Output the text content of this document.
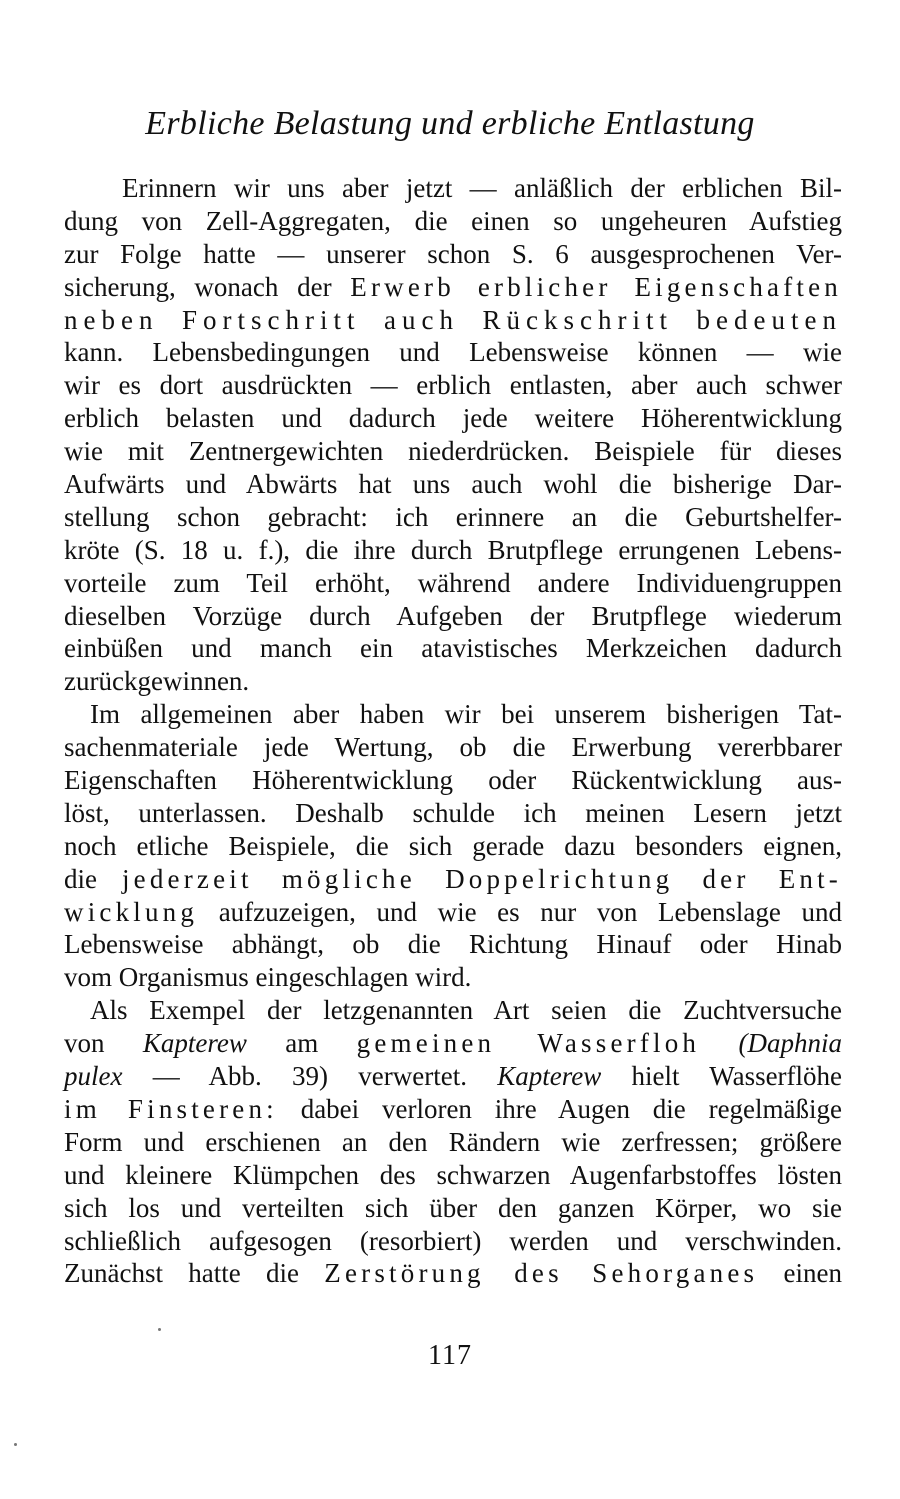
Erbliche Belastung und erbliche Entlastung
Erinnern wir uns aber jetzt — anläßlich der erblichen Bil-
dung von Zell-Aggregaten, die einen so ungeheuren Aufstieg
zur Folge hatte — unserer schon S. 6 ausgesprochenen Ver-
sicherung, wonach der Erwerb erblicher Eigenschaften
neben Fortschritt auch Rückschritt bedeuten
kann. Lebensbedingungen und Lebensweise können — wie
wir es dort ausdrückten — erblich entlasten, aber auch schwer
erblich belasten und dadurch jede weitere Höherentwicklung
wie mit Zentnergewichten niederdrücken. Beispiele für dieses
Aufwärts und Abwärts hat uns auch wohl die bisherige Dar-
stellung schon gebracht: ich erinnere an die Geburtshelfer-
kröte (S. 18 u. f.), die ihre durch Brutpflege errungenen Lebens-
vorteile zum Teil erhöht, während andere Individuengruppen
dieselben Vorzüge durch Aufgeben der Brutpflege wiederum
einbüßen und manch ein atavistisches Merkzeichen dadurch
zurückgewinnen.
Im allgemeinen aber haben wir bei unserem bisherigen Tat-
sachenmateriale jede Wertung, ob die Erwerbung vererbbarer
Eigenschaften Höherentwicklung oder Rückentwicklung aus-
löst, unterlassen. Deshalb schulde ich meinen Lesern jetzt
noch etliche Beispiele, die sich gerade dazu besonders eignen,
die jederzeit mögliche Doppelrichtung der Ent-
wicklung aufzuzeigen, und wie es nur von Lebenslage und
Lebensweise abhängt, ob die Richtung Hinauf oder Hinab
vom Organismus eingeschlagen wird.
Als Exempel der letzgenannten Art seien die Zuchtversuche
von Kapterew am gemeinen Wasserfloh (Daphnia
pulex — Abb. 39) verwertet. Kapterew hielt Wasserflöhe
im Finsteren: dabei verloren ihre Augen die regelmäßige
Form und erschienen an den Rändern wie zerfressen; größere
und kleinere Klümpchen des schwarzen Augenfarbstoffes lösten
sich los und verteilten sich über den ganzen Körper, wo sie
schließlich aufgesogen (resorbiert) werden und verschwinden.
Zunächst hatte die Zerstörung des Sehorganes einen
117
